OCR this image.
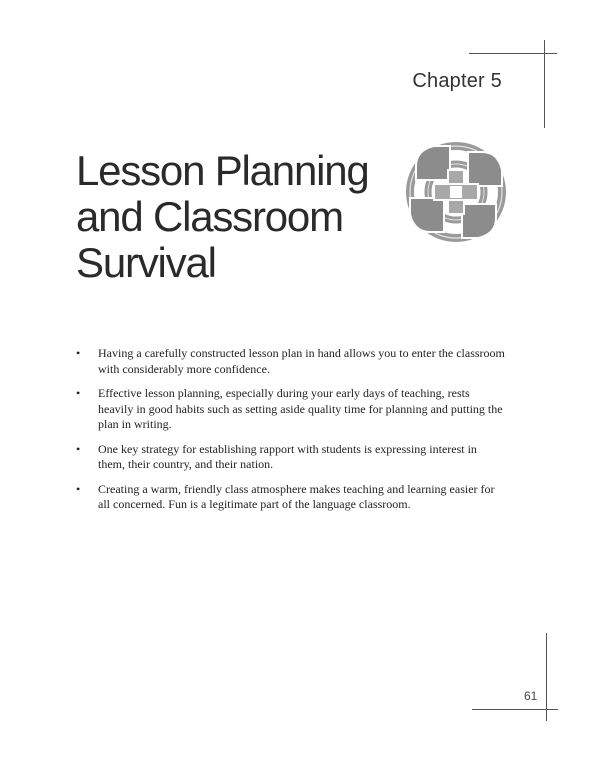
Chapter 5
Lesson Planning
and Classroom
Survival
• Having a carefully constructed lesson plan in hand allows you to enter the classroom with considerably more confidence.
• Effective lesson planning, especially during your early days of teaching, rests heavily in good habits such as setting aside quality time for planning and putting the plan in writing.
• One key strategy for establishing rapport with students is expressing interest in them, their country, and their nation.
• Creating a warm, friendly class atmosphere makes teaching and learning easier for all concerned. Fun is a legitimate part of the language classroom.
61
